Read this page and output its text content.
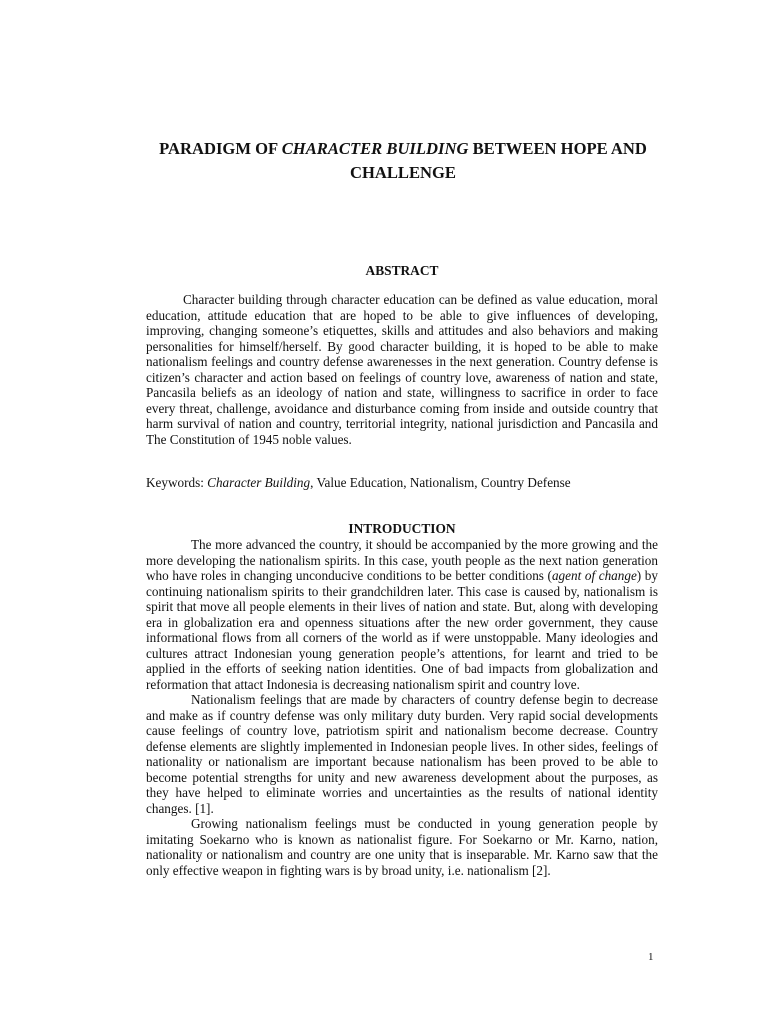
PARADIGM OF CHARACTER BUILDING BETWEEN HOPE AND CHALLENGE
ABSTRACT

Character building through character education can be defined as value education, moral education, attitude education that are hoped to be able to give influences of developing, improving, changing someone’s etiquettes, skills and attitudes and also behaviors and making personalities for himself/herself. By good character building, it is hoped to be able to make nationalism feelings and country defense awarenesses in the next generation. Country defense is citizen’s character and action based on feelings of country love, awareness of nation and state, Pancasila beliefs as an ideology of nation and state, willingness to sacrifice in order to face every threat, challenge, avoidance and disturbance coming from inside and outside country that harm survival of nation and country, territorial integrity, national jurisdiction and Pancasila and The Constitution of 1945 noble values.

Keywords: Character Building, Value Education, Nationalism, Country Defense
INTRODUCTION

The more advanced the country, it should be accompanied by the more growing and the more developing the nationalism spirits. In this case, youth people as the next nation generation who have roles in changing unconducive conditions to be better conditions (agent of change) by continuing nationalism spirits to their grandchildren later. This case is caused by, nationalism is spirit that move all people elements in their lives of nation and state. But, along with developing era in globalization era and openness situations after the new order government, they cause informational flows from all corners of the world as if were unstoppable. Many ideologies and cultures attract Indonesian young generation people’s attentions, for learnt and tried to be applied in the efforts of seeking nation identities. One of bad impacts from globalization and reformation that attact Indonesia is decreasing nationalism spirit and country love.

Nationalism feelings that are made by characters of country defense begin to decrease and make as if country defense was only military duty burden. Very rapid social developments cause feelings of country love, patriotism spirit and nationalism become decrease. Country defense elements are slightly implemented in Indonesian people lives. In other sides, feelings of nationality or nationalism are important because nationalism has been proved to be able to become potential strengths for unity and new awareness development about the purposes, as they have helped to eliminate worries and uncertainties as the results of national identity changes. [1].

Growing nationalism feelings must be conducted in young generation people by imitating Soekarno who is known as nationalist figure. For Soekarno or Mr. Karno, nation, nationality or nationalism and country are one unity that is inseparable. Mr. Karno saw that the only effective weapon in fighting wars is by broad unity, i.e. nationalism [2].

1
